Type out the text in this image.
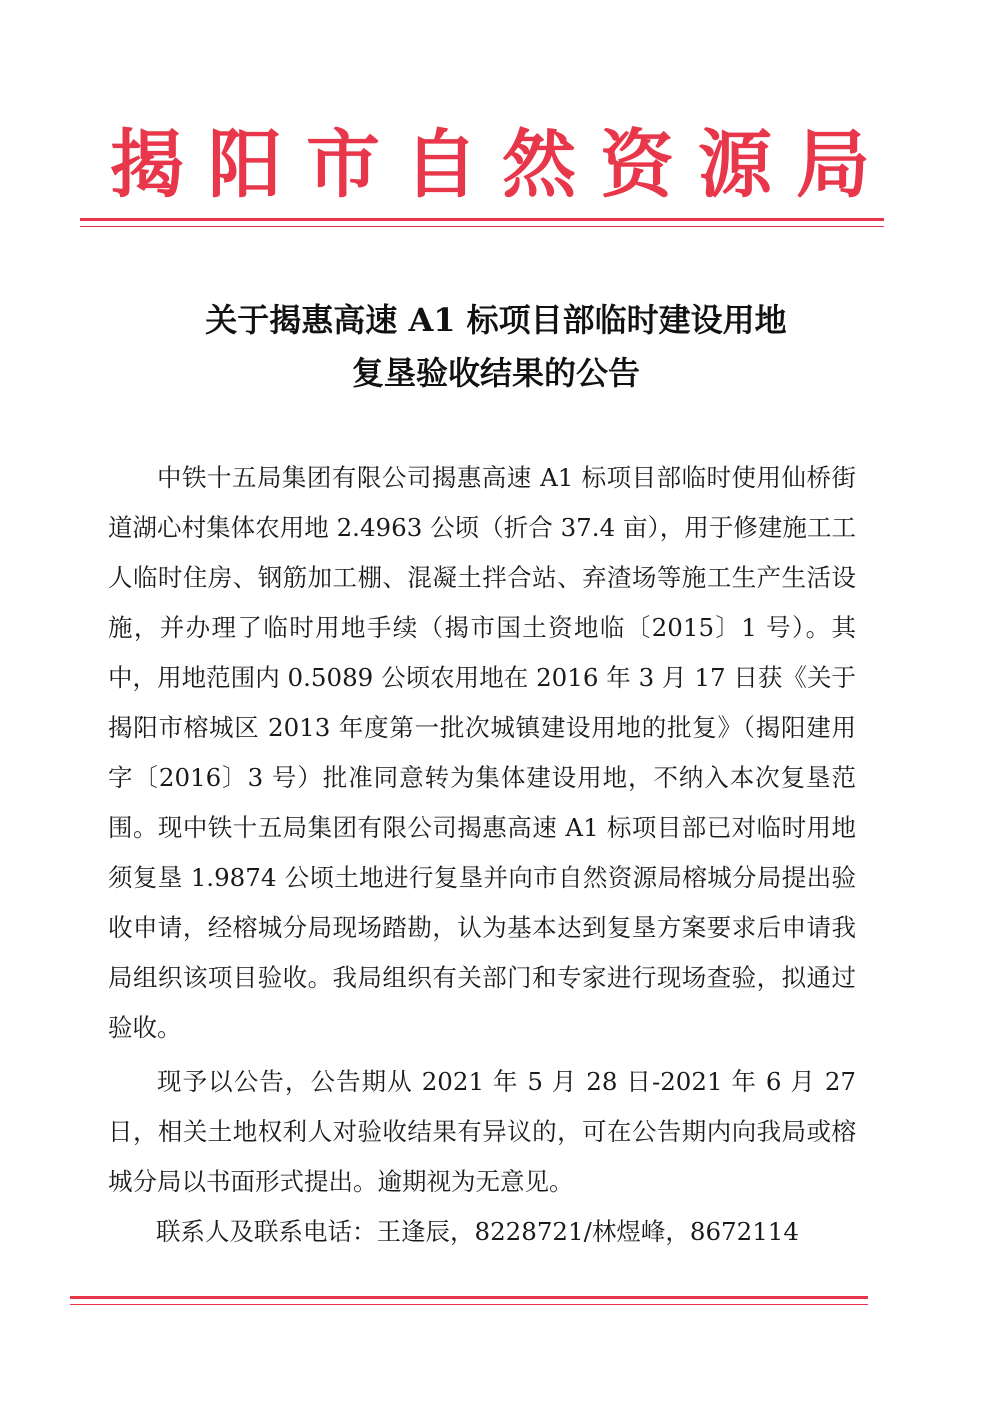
揭阳市自然资源局
关于揭惠高速 A1 标项目部临时建设用地
复垦验收结果的公告

中铁十五局集团有限公司揭惠高速 A1 标项目部临时使用仙桥街道湖心村集体农用地 2.4963 公顷（折合 37.4 亩），用于修建施工工人临时住房、钢筋加工棚、混凝土拌合站、弃渣场等施工生产生活设施，并办理了临时用地手续（揭市国土资地临〔2015〕1 号）。其中，用地范围内 0.5089 公顷农用地在 2016 年 3 月 17 日获《关于揭阳市榕城区 2013 年度第一批次城镇建设用地的批复》（揭阳建用字〔2016〕3 号）批准同意转为集体建设用地，不纳入本次复垦范围。现中铁十五局集团有限公司揭惠高速 A1 标项目部已对临时用地须复垦 1.9874 公顷土地进行复垦并向市自然资源局榕城分局提出验收申请，经榕城分局现场踏勘，认为基本达到复垦方案要求后申请我局组织该项目验收。我局组织有关部门和专家进行现场查验，拟通过验收。

现予以公告，公告期从 2021 年 5 月 28 日-2021 年 6 月 27 日，相关土地权利人对验收结果有异议的，可在公告期内向我局或榕城分局以书面形式提出。逾期视为无意见。

联系人及联系电话：王逢辰，8228721/林煜峰，8672114
